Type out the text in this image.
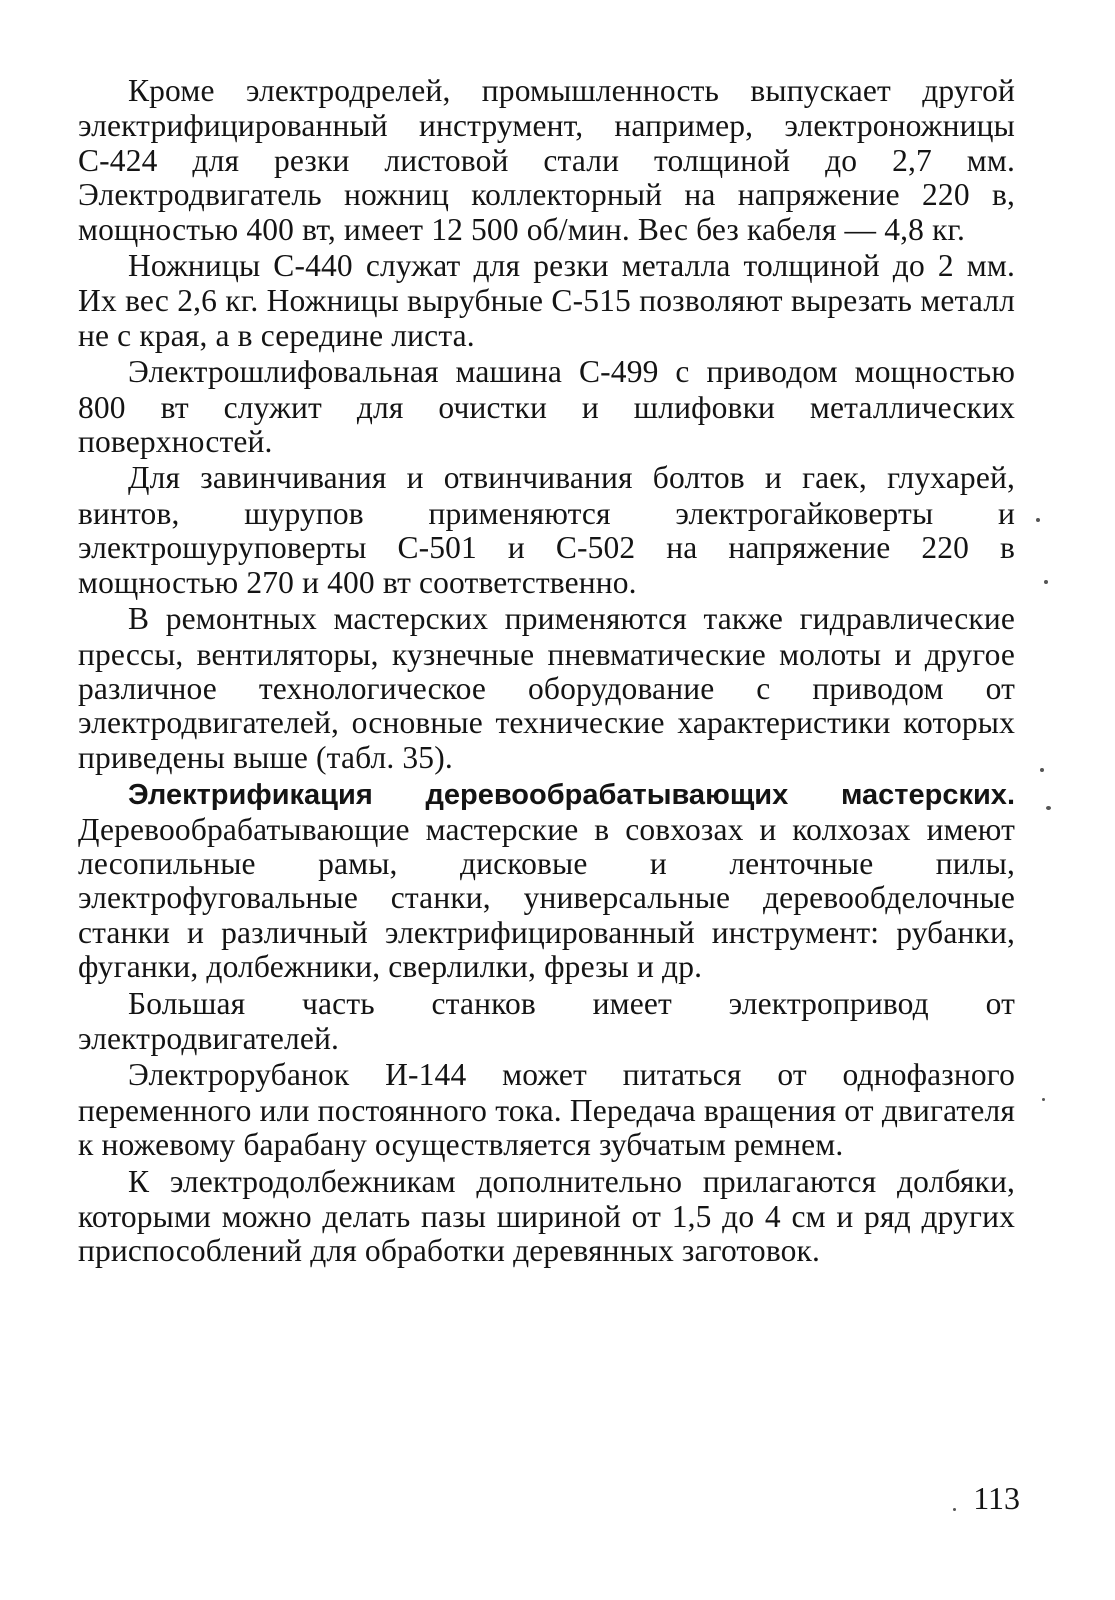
Кроме электродрелей, промышленность выпускает другой электрифицированный инструмент, например, электроножницы С-424 для резки листовой стали толщиной до 2,7 мм. Электродвигатель ножниц коллекторный на напряжение 220 в, мощностью 400 вт, имеет 12 500 об/мин. Вес без кабеля — 4,8 кг.

Ножницы С-440 служат для резки металла толщиной до 2 мм. Их вес 2,6 кг. Ножницы вырубные С-515 позволяют вырезать металл не с края, а в середине листа.

Электрошлифовальная машина С-499 с приводом мощностью 800 вт служит для очистки и шлифовки металлических поверхностей.

Для завинчивания и отвинчивания болтов и гаек, глухарей, винтов, шурупов применяются электрогайковерты и электрошуруповерты С-501 и С-502 на напряжение 220 в мощностью 270 и 400 вт соответственно.

В ремонтных мастерских применяются также гидравлические прессы, вентиляторы, кузнечные пневматические молоты и другое различное технологическое оборудование с приводом от электродвигателей, основные технические характеристики которых приведены выше (табл. 35).

Электрификация деревообрабатывающих мастерских. Деревообрабатывающие мастерские в совхозах и колхозах имеют лесопильные рамы, дисковые и ленточные пилы, электрофуговальные станки, универсальные деревообделочные станки и различный электрифицированный инструмент: рубанки, фуганки, долбежники, сверлилки, фрезы и др.

Большая часть станков имеет электропривод от электродвигателей.

Электрорубанок И-144 может питаться от однофазного переменного или постоянного тока. Передача вращения от двигателя к ножевому барабану осуществляется зубчатым ремнем.

К электродолбежникам дополнительно прилагаются долбяки, которыми можно делать пазы шириной от 1,5 до 4 см и ряд других приспособлений для обработки деревянных заготовок.

113
